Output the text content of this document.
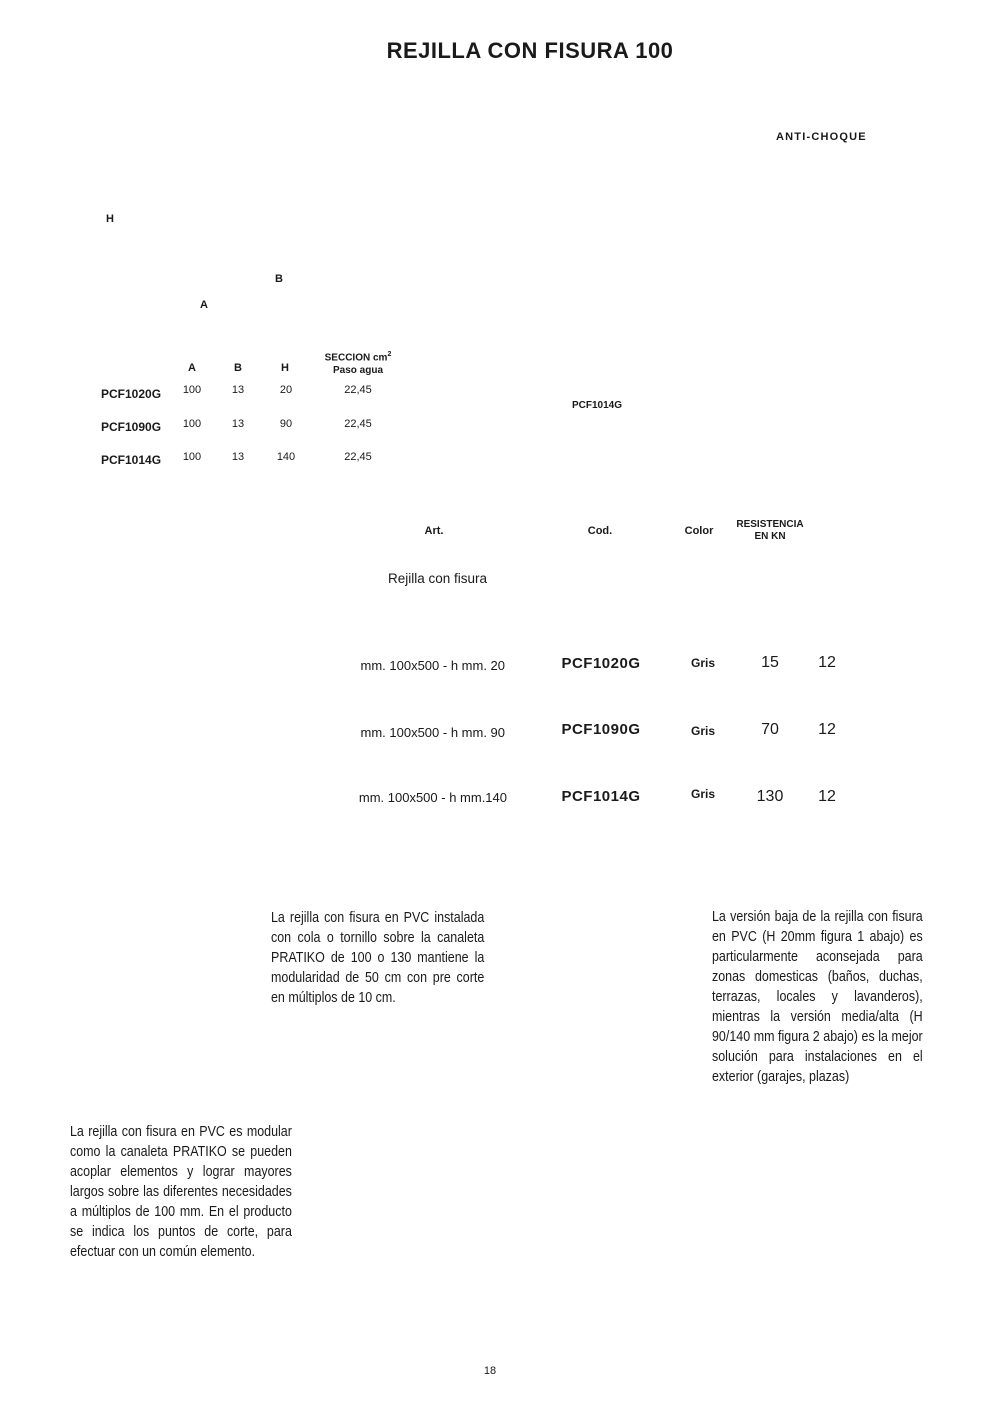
REJILLA CON FISURA 100
ANTI-CHOQUE
H
B
A
A	B	H
SECCION $cm^2$
Paso agua
PCF1020G	100	13	20	22,45
PCF1090G	100	13	90	22,45
PCF1014G	100	13	140	22,45
PCF1014G
Art.	Cod.	Color
RESISTENCIA
EN KN
Rejilla con fisura
mm. 100x500 - h mm. 20	PCF1020G	Gris	15	12
mm. 100x500 - h mm. 90	PCF1090G	Gris	70	12
mm. 100x500 - h mm.140	PCF1014G	Gris	130	12
La rejilla con fisura en PVC instalada con cola o tornillo sobre la canaleta PRATIKO de 100 o 130 mantiene la modularidad de 50 cm con pre corte en múltiplos de 10 cm.
La versión baja de la rejilla con fisura en PVC (H 20mm figura 1 abajo) es particularmente aconsejada para zonas domesticas (baños, duchas, terrazas, locales y lavanderos), mientras la versión media/alta (H 90/140 mm figura 2 abajo) es la mejor solución para instalaciones en el exterior (garajes, plazas)
La rejilla con fisura en PVC es modular como la canaleta PRATIKO se pueden acoplar elementos y lograr mayores largos sobre las diferentes necesidades a múltiplos de 100 mm. En el producto se indica los puntos de corte, para efectuar con un común elemento.
18
